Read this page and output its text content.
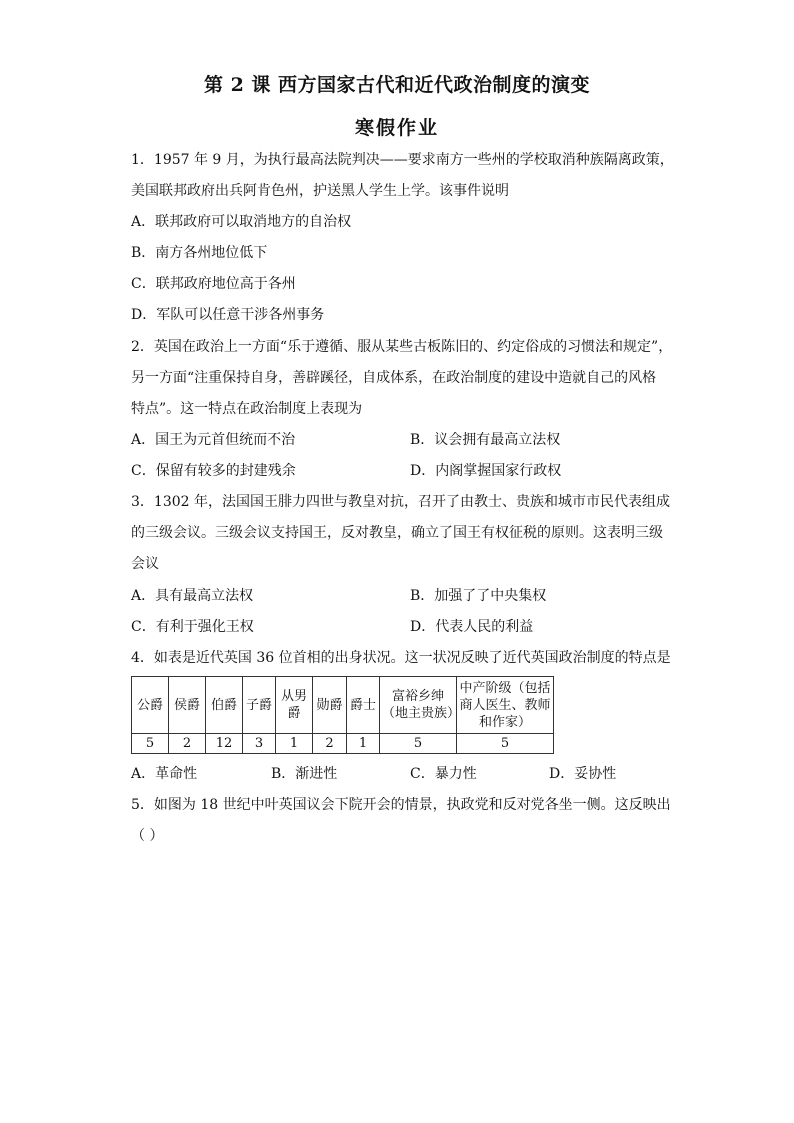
第 2 课 西方国家古代和近代政治制度的演变
寒假作业
1．1957 年 9 月，为执行最高法院判决——要求南方一些州的学校取消种族隔离政策，
美国联邦政府出兵阿肯色州，护送黑人学生上学。该事件说明
A．联邦政府可以取消地方的自治权
B．南方各州地位低下
C．联邦政府地位高于各州
D．军队可以任意干涉各州事务
2．英国在政治上一方面“乐于遵循、服从某些古板陈旧的、约定俗成的习惯法和规定”，
另一方面“注重保持自身，善辟蹊径，自成体系，在政治制度的建设中造就自己的风格
特点”。这一特点在政治制度上表现为
A．国王为元首但统而不治	B．议会拥有最高立法权
C．保留有较多的封建残余	D．内阁掌握国家行政权
3．1302 年，法国国王腓力四世与教皇对抗，召开了由教士、贵族和城市市民代表组成
的三级会议。三级会议支持国王，反对教皇，确立了国王有权征税的原则。这表明三级
会议
A．具有最高立法权	B．加强了了中央集权
C．有利于强化王权	D．代表人民的利益
4．如表是近代英国 36 位首相的出身状况。这一状况反映了近代英国政治制度的特点是
公爵	侯爵	伯爵	子爵	从男爵	勋爵	爵士	富裕乡绅（地主贵族）	中产阶级（包括商人医生、教师和作家）
5	2	12	3	1	2	1	5	5
A．革命性	B．渐进性	C．暴力性	D．妥协性
5．如图为 18 世纪中叶英国议会下院开会的情景，执政党和反对党各坐一侧。这反映出
（ ）
